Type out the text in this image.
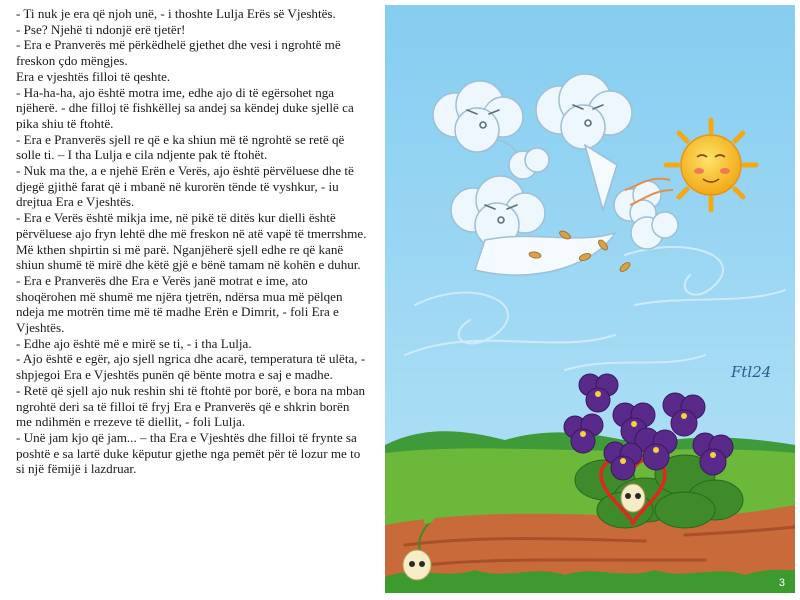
- Ti nuk je era që njoh unë, - i thoshte Lulja Erës së Vjeshtës.

- Pse? Njehë ti ndonjë erë tjetër!

- Era e Pranverës më përkëdhelë gjethet dhe vesi i ngrohtë më freskon çdo mëngjes.

Era e vjeshtës filloi të qeshte.

- Ha-ha-ha, ajo është motra ime, edhe ajo di të egërsohet nga njëherë. - dhe filloj të fishkëllej sa andej sa këndej duke sjellë ca pika shiu të ftohtë.

- Era e Pranverës sjell re që e ka shiun më të ngrohtë se retë që solle ti. – I tha Lulja e cila ndjente pak të ftohët.

- Nuk ma the, a e njehë Erën e Verës, ajo është përvëluese dhe të djegë gjithë farat që i mbanë në kurorën tënde të vyshkur, - iu drejtua Era e Vjeshtës.

- Era e Verës është mikja ime, në pikë të ditës kur dielli është përvëluese ajo fryn lehtë dhe më freskon në atë vapë të tmerrshme. Më kthen shpirtin si më parë. Nganjëherë sjell edhe re që kanë shiun shumë të mirë dhe këtë gjë e bënë tamam në kohën e duhur.

- Era e Pranverës dhe Era e Verës janë motrat e ime, ato shoqërohen më shumë me njëra tjetrën, ndërsa mua më pëlqen ndeja me motrën time më të madhe Erën e Dimrit, - foli Era e Vjeshtës.

- Edhe ajo është më e mirë se ti, - i tha Lulja.

- Ajo është e egër, ajo sjell ngrica dhe acarë, temperatura të ulëta, - shpjegoi Era e Vjeshtës punën që bënte motra e saj e madhe.

- Retë që sjell ajo nuk reshin shi të ftohtë por borë, e bora na mban ngrohtë deri sa të filloi të fryj Era e Pranverës që e shkrin borën me ndihmën e rrezeve të diellit, - foli Lulja.

- Unë jam kjo që jam... – tha Era e Vjeshtës dhe filloi të frynte sa poshtë e sa lartë duke këputur gjethe nga pemët për të lozur me to si një fëmijë i lazdruar.

Ftl24
3
